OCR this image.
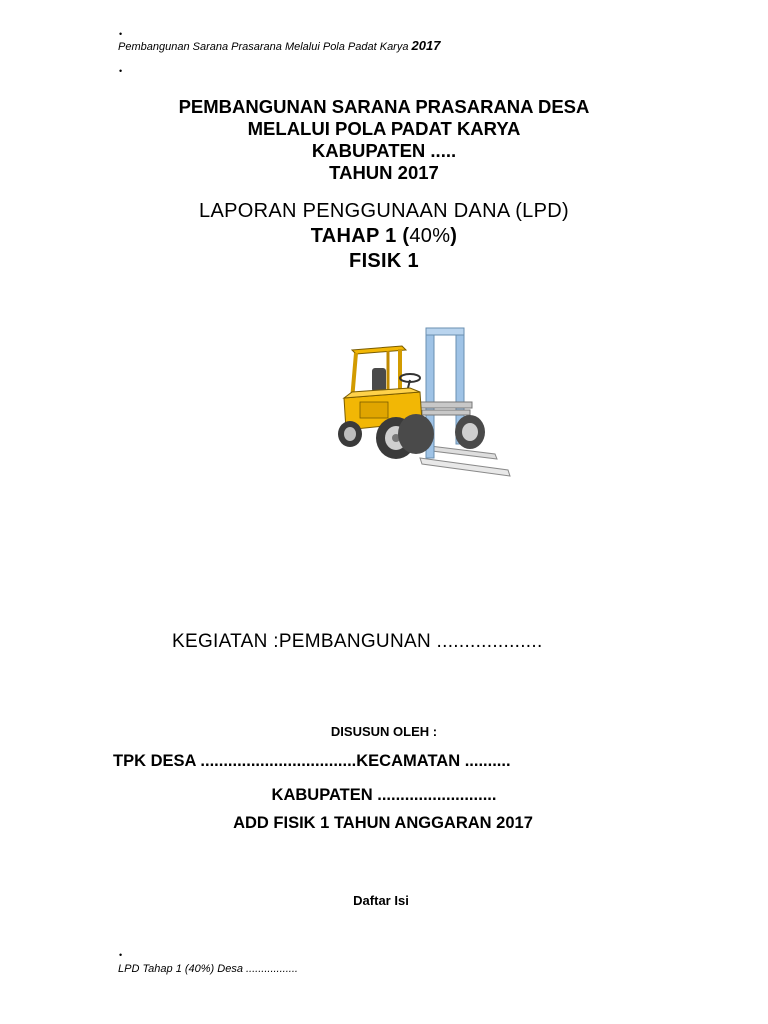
•
•
•
Pembangunan Sarana Prasarana Melalui Pola Padat Karya 2017
PEMBANGUNAN SARANA PRASARANA DESA
MELALUI POLA PADAT KARYA
KABUPATEN .....
TAHUN 2017
LAPORAN PENGGUNAAN DANA (LPD)
TAHAP 1 (40%)
FISIK 1
KEGIATAN :PEMBANGUNAN ...................
DISUSUN OLEH :
TPK DESA ..................................KECAMATAN ..........
KABUPATEN ..........................
ADD FISIK 1 TAHUN ANGGARAN 2017
Daftar Isi
LPD Tahap 1 (40%) Desa .................
